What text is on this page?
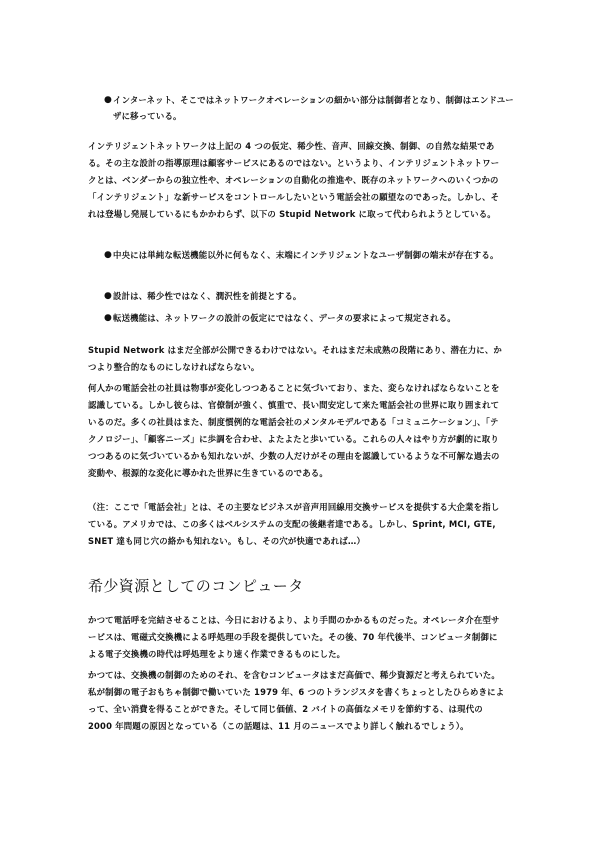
● インターネット、そこではネットワークオペレーションの細かい部分は制御者となり、制御はエンドユーザに移っている。

インテリジェントネットワークは上記の 4 つの仮定、稀少性、音声、回線交換、制御、の自然な結果である。その主な設計の指導原理は顧客サービスにあるのではない。というより、インテリジェントネットワークとは、ベンダーからの独立性や、オペレーションの自動化の推進や、既存のネットワークへのいくつかの「インテリジェント」な新サービスをコントロールしたいという電話会社の願望なのであった。しかし、それは登場し発展しているにもかかわらず、以下の Stupid Network に取って代わられようとしている。

● 中央には単純な転送機能以外に何もなく、末端にインテリジェントなユーザ制御の端末が存在する。
● 設計は、稀少性ではなく、潤沢性を前提とする。
● 転送機能は、ネットワークの設計の仮定にではなく、データの要求によって規定される。

Stupid Network はまだ全部が公開できるわけではない。それはまだ未成熟の段階にあり、潜在力に、かつより整合的なものにしなければならない。

何人かの電話会社の社員は物事が変化しつつあることに気づいており、また、変らなければならないことを認識している。しかし彼らは、官僚制が強く、慎重で、長い間安定して来た電話会社の世界に取り囲まれているのだ。多くの社員はまた、制度慣例的な電話会社のメンタルモデルである「コミュニケーション」、「テクノロジー」、「顧客ニーズ」に歩調を合わせ、よたよたと歩いている。これらの人々はやり方が劇的に取りつつあるのに気づいているかも知れないが、少数の人だけがその理由を認識しているような不可解な過去の変動や、根源的な変化に導かれた世界に生きているのである。

（注：ここで「電話会社」とは、その主要なビジネスが音声用回線用交換サービスを提供する大企業を指している。アメリカでは、この多くはベルシステムの支配の後継者達である。しかし、Sprint, MCI, GTE, SNET 達も同じ穴の絡かも知れない。もし、その穴が快適であれば…）

希少資源としてのコンピュータ

かつて電話呼を完結させることは、今日におけるより、より手間のかかるものだった。オペレータ介在型サービスは、電磁式交換機による呼処理の手段を提供していた。その後、70 年代後半、コンピュータ制御による電子交換機の時代は呼処理をより速く作業できるものにした。

かつては、交換機の制御のためのそれ、を含むコンピュータはまだ高価で、稀少資源だと考えられていた。私が制御の電子おもちゃ制御で働いていた 1979 年、6 つのトランジスタを書くちょっとしたひらめきによって、全い消費を得ることができた。そして同じ価値、2 バイトの高価なメモリを節約する、は現代の 2000 年問題の原因となっている（この話題は、11 月のニュースでより詳しく触れるでしょう）。
